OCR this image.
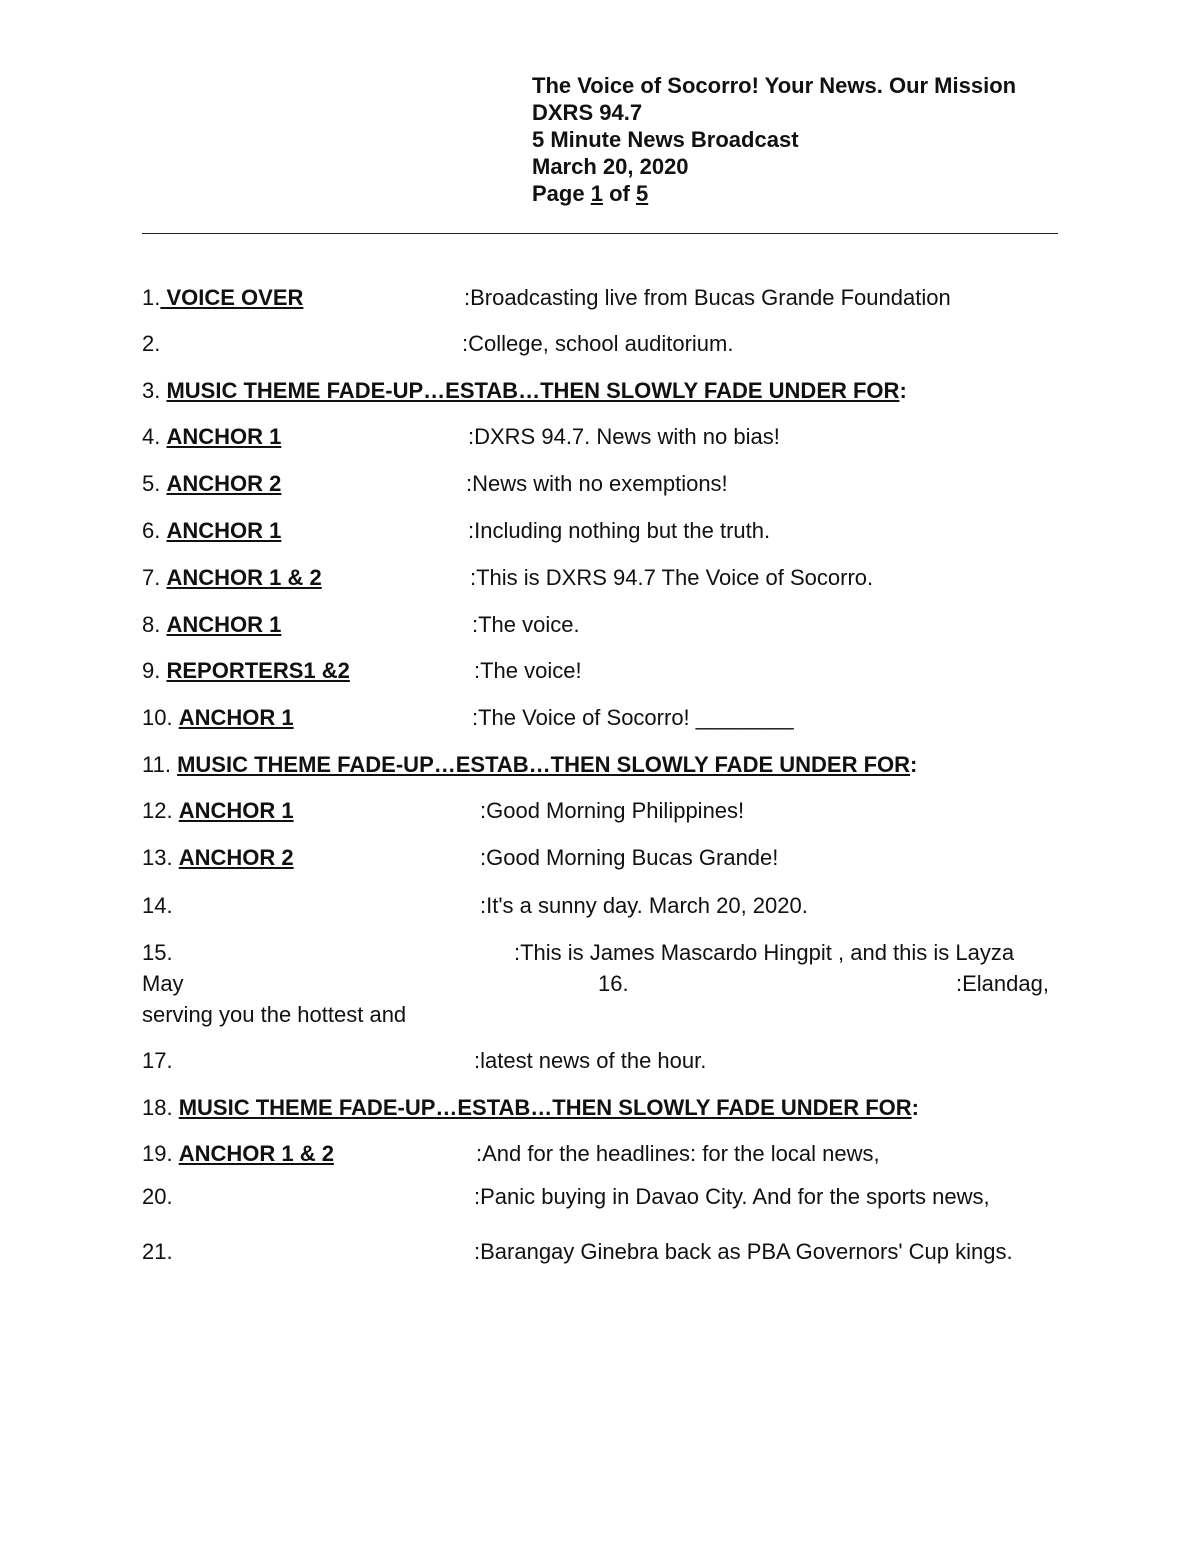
The Voice of Socorro! Your News. Our Mission
DXRS 94.7
5 Minute News Broadcast
March 20, 2020
Page 1 of 5
1. VOICE OVER	:Broadcasting live from Bucas Grande Foundation
2.	:College, school auditorium.
3. MUSIC THEME FADE-UP…ESTAB…THEN SLOWLY FADE UNDER FOR:
4. ANCHOR 1	:DXRS 94.7. News with no bias!
5. ANCHOR 2	:News with no exemptions!
6. ANCHOR 1	:Including nothing but the truth.
7. ANCHOR 1 & 2	:This is DXRS 94.7 The Voice of Socorro.
8. ANCHOR 1	:The voice.
9. REPORTERS1 &2	:The voice!
10. ANCHOR 1	:The Voice of Socorro! ________
11. MUSIC THEME FADE-UP…ESTAB…THEN SLOWLY FADE UNDER FOR:
12. ANCHOR 1	:Good Morning Philippines!
13. ANCHOR 2	:Good Morning Bucas Grande!
14.	:It's a sunny day. March 20, 2020.
15.	:This is James Mascardo Hingpit , and this is Layza
May	16.	:Elandag,
serving you the hottest and
17.	:latest news of the hour.
18. MUSIC THEME FADE-UP…ESTAB…THEN SLOWLY FADE UNDER FOR:
19. ANCHOR 1 & 2	:And for the headlines: for the local news,
20.	:Panic buying in Davao City. And for the sports news,
21.	:Barangay Ginebra back as PBA Governors' Cup kings.
